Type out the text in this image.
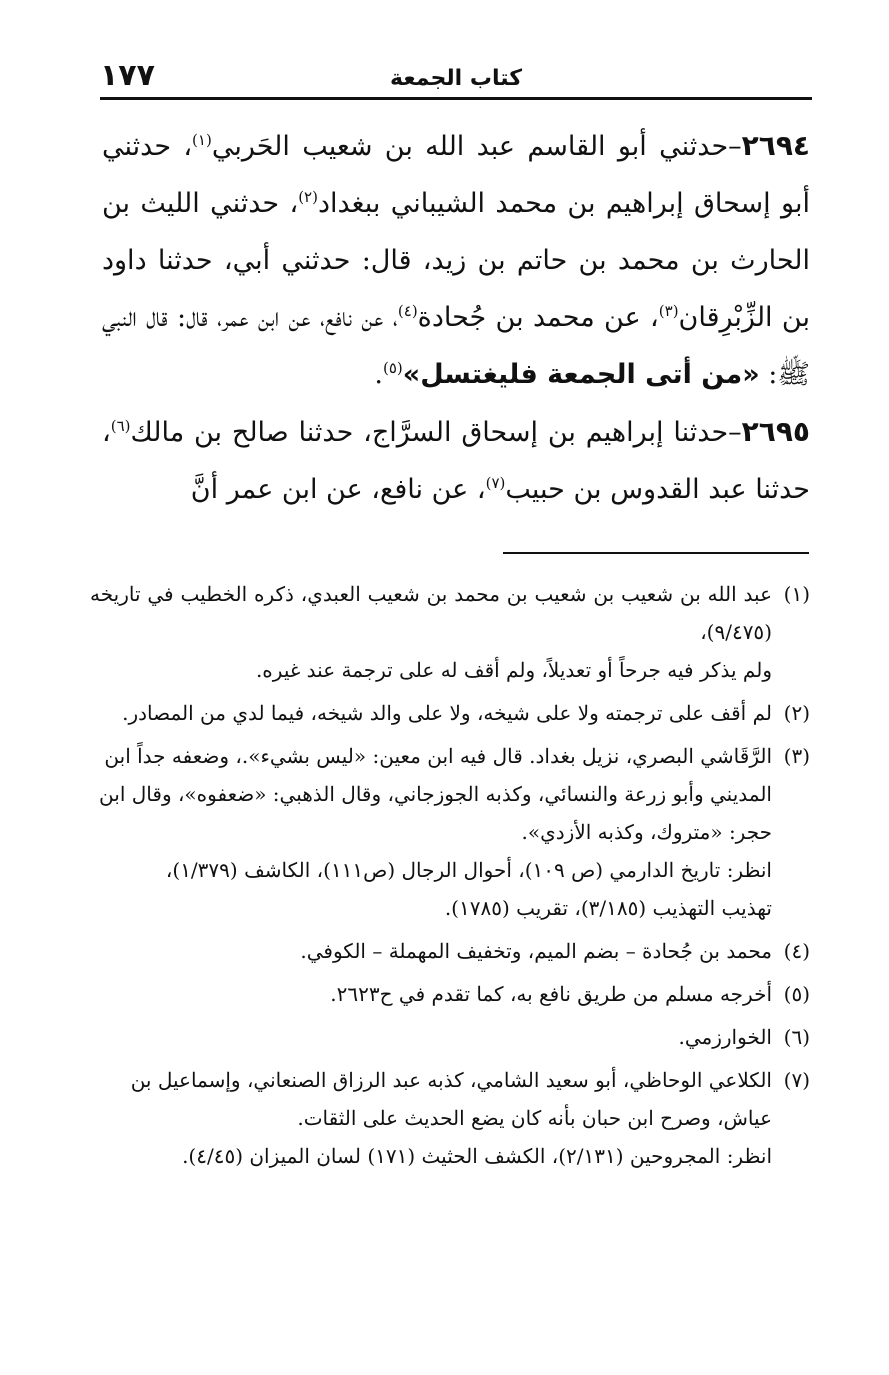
١٧٧	كتاب الجمعة

٢٦٩٤–حدثني أبو القاسم عبد الله بن شعيب الحَربي$^{(١)}$، حدثني أبو إسحاق إبراهيم بن محمد الشيباني ببغداد$^{(٢)}$، حدثني الليث بن الحارث بن محمد بن حاتم بن زيد، قال: حدثني أبي، حدثنا داود بن الزِّبْرِقان$^{(٣)}$، عن محمد بن جُحادة$^{(٤)}$، عن نافع، عن ابن عمر، قال: قال النبي ﷺ: «من أتى الجمعة فليغتسل»$^{(٥)}$.

٢٦٩٥–حدثنا إبراهيم بن إسحاق السرَّاج، حدثنا صالح بن مالك$^{(٦)}$، حدثنا عبد القدوس بن حبيب$^{(٧)}$، عن نافع، عن ابن عمر أنَّ

(١)

عبد الله بن شعيب بن شعيب بن محمد بن شعيب العبدي، ذكره الخطيب في تاريخه (٩/٤٧٥)،

ولم يذكر فيه جرحاً أو تعديلاً، ولم أقف له على ترجمة عند غيره.

(٢)

لم أقف على ترجمته ولا على شيخه، ولا على والد شيخه، فيما لدي من المصادر.

(٣)

الرَّقَاشي البصري، نزيل بغداد. قال فيه ابن معين: «ليس بشيء».، وضعفه جداً ابن

المديني وأبو زرعة والنسائي، وكذبه الجوزجاني، وقال الذهبي: «ضعفوه»، وقال ابن

حجر: «متروك، وكذبه الأزدي».

انظر: تاريخ الدارمي (ص ١٠٩)، أحوال الرجال (ص١١١)، الكاشف (١/٣٧٩)،

تهذيب التهذيب (٣/١٨٥)، تقريب (١٧٨٥).

(٤)

محمد بن جُحادة – بضم الميم، وتخفيف المهملة – الكوفي.

(٥)

أخرجه مسلم من طريق نافع به، كما تقدم في ح٢٦٢٣.

(٦)

الخوارزمي.

(٧)

الكلاعي الوحاظي، أبو سعيد الشامي، كذبه عبد الرزاق الصنعاني، وإسماعيل بن

عياش، وصرح ابن حبان بأنه كان يضع الحديث على الثقات.

انظر: المجروحين (٢/١٣١)، الكشف الحثيث (١٧١) لسان الميزان (٤/٤٥).
